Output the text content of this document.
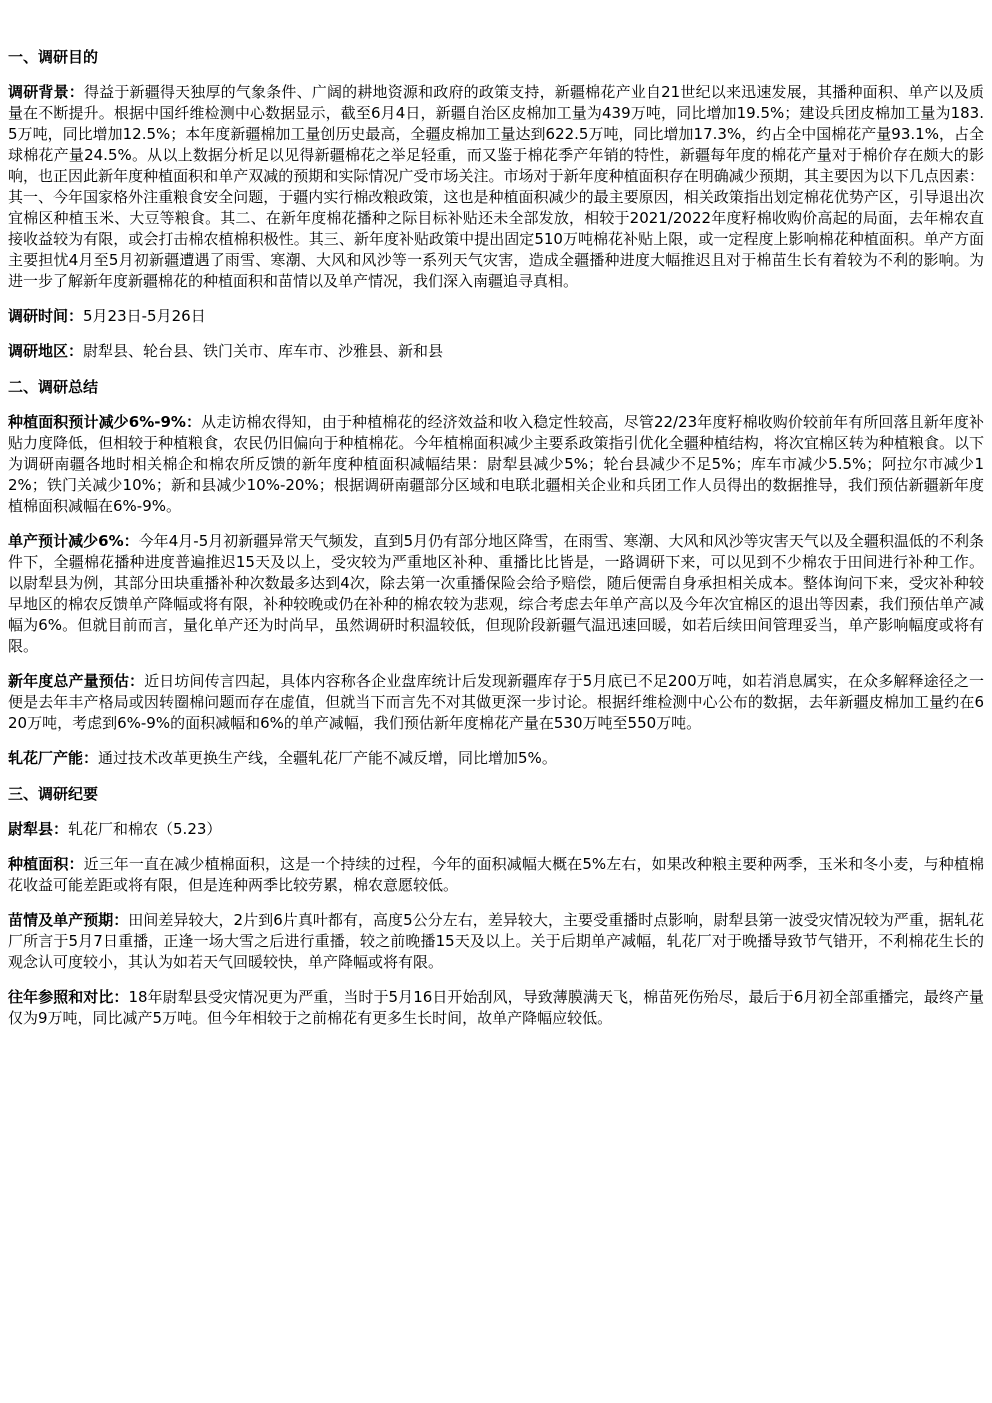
一、调研目的

调研背景：得益于新疆得天独厚的气象条件、广阔的耕地资源和政府的政策支持，新疆棉花产业自21世纪以来迅速发展，其播种面积、单产以及质量在不断提升。根据中国纤维检测中心数据显示，截至6月4日，新疆自治区皮棉加工量为439万吨，同比增加19.5%；建设兵团皮棉加工量为183.5万吨，同比增加12.5%；本年度新疆棉加工量创历史最高，全疆皮棉加工量达到622.5万吨，同比增加17.3%，约占全中国棉花产量93.1%，占全球棉花产量24.5%。从以上数据分析足以见得新疆棉花之举足轻重，而又鉴于棉花季产年销的特性，新疆每年度的棉花产量对于棉价存在颇大的影响，也正因此新年度种植面积和单产双减的预期和实际情况广受市场关注。市场对于新年度种植面积存在明确减少预期，其主要因为以下几点因素：其一、今年国家格外注重粮食安全问题，于疆内实行棉改粮政策，这也是种植面积减少的最主要原因，相关政策指出划定棉花优势产区，引导退出次宜棉区种植玉米、大豆等粮食。其二、在新年度棉花播种之际目标补贴还未全部发放，相较于2021/2022年度籽棉收购价高起的局面，去年棉农直接收益较为有限，或会打击棉农植棉积极性。其三、新年度补贴政策中提出固定510万吨棉花补贴上限，或一定程度上影响棉花种植面积。单产方面主要担忧4月至5月初新疆遭遇了雨雪、寒潮、大风和风沙等一系列天气灾害，造成全疆播种进度大幅推迟且对于棉苗生长有着较为不利的影响。为进一步了解新年度新疆棉花的种植面积和苗情以及单产情况，我们深入南疆追寻真相。

调研时间：5月23日-5月26日

调研地区：尉犁县、轮台县、铁门关市、库车市、沙雅县、新和县

二、调研总结

种植面积预计减少6%-9%：从走访棉农得知，由于种植棉花的经济效益和收入稳定性较高，尽管22/23年度籽棉收购价较前年有所回落且新年度补贴力度降低，但相较于种植粮食，农民仍旧偏向于种植棉花。今年植棉面积减少主要系政策指引优化全疆种植结构，将次宜棉区转为种植粮食。以下为调研南疆各地时相关棉企和棉农所反馈的新年度种植面积减幅结果：尉犁县减少5%；轮台县减少不足5%；库车市减少5.5%；阿拉尔市减少12%；铁门关减少10%；新和县减少10%-20%；根据调研南疆部分区域和电联北疆相关企业和兵团工作人员得出的数据推导，我们预估新疆新年度植棉面积减幅在6%-9%。

单产预计减少6%：今年4月-5月初新疆异常天气频发，直到5月仍有部分地区降雪，在雨雪、寒潮、大风和风沙等灾害天气以及全疆积温低的不利条件下，全疆棉花播种进度普遍推迟15天及以上，受灾较为严重地区补种、重播比比皆是，一路调研下来，可以见到不少棉农于田间进行补种工作。以尉犁县为例，其部分田块重播补种次数最多达到4次，除去第一次重播保险会给予赔偿，随后便需自身承担相关成本。整体询问下来，受灾补种较早地区的棉农反馈单产降幅或将有限，补种较晚或仍在补种的棉农较为悲观，综合考虑去年单产高以及今年次宜棉区的退出等因素，我们预估单产减幅为6%。但就目前而言，量化单产还为时尚早，虽然调研时积温较低，但现阶段新疆气温迅速回暖，如若后续田间管理妥当，单产影响幅度或将有限。

新年度总产量预估：近日坊间传言四起，具体内容称各企业盘库统计后发现新疆库存于5月底已不足200万吨，如若消息属实，在众多解释途径之一便是去年丰产格局或因转圈棉问题而存在虚值，但就当下而言先不对其做更深一步讨论。根据纤维检测中心公布的数据，去年新疆皮棉加工量约在620万吨，考虑到6%-9%的面积减幅和6%的单产减幅，我们预估新年度棉花产量在530万吨至550万吨。

轧花厂产能：通过技术改革更换生产线，全疆轧花厂产能不减反增，同比增加5%。

三、调研纪要

尉犁县：轧花厂和棉农（5.23）

种植面积：近三年一直在减少植棉面积，这是一个持续的过程，今年的面积减幅大概在5%左右，如果改种粮主要种两季，玉米和冬小麦，与种植棉花收益可能差距或将有限，但是连种两季比较劳累，棉农意愿较低。

苗情及单产预期：田间差异较大，2片到6片真叶都有，高度5公分左右，差异较大，主要受重播时点影响，尉犁县第一波受灾情况较为严重，据轧花厂所言于5月7日重播，正逢一场大雪之后进行重播，较之前晚播15天及以上。关于后期单产减幅，轧花厂对于晚播导致节气错开，不利棉花生长的观念认可度较小，其认为如若天气回暖较快，单产降幅或将有限。

往年参照和对比：18年尉犁县受灾情况更为严重，当时于5月16日开始刮风，导致薄膜满天飞，棉苗死伤殆尽，最后于6月初全部重播完，最终产量仅为9万吨，同比减产5万吨。但今年相较于之前棉花有更多生长时间，故单产降幅应较低。
